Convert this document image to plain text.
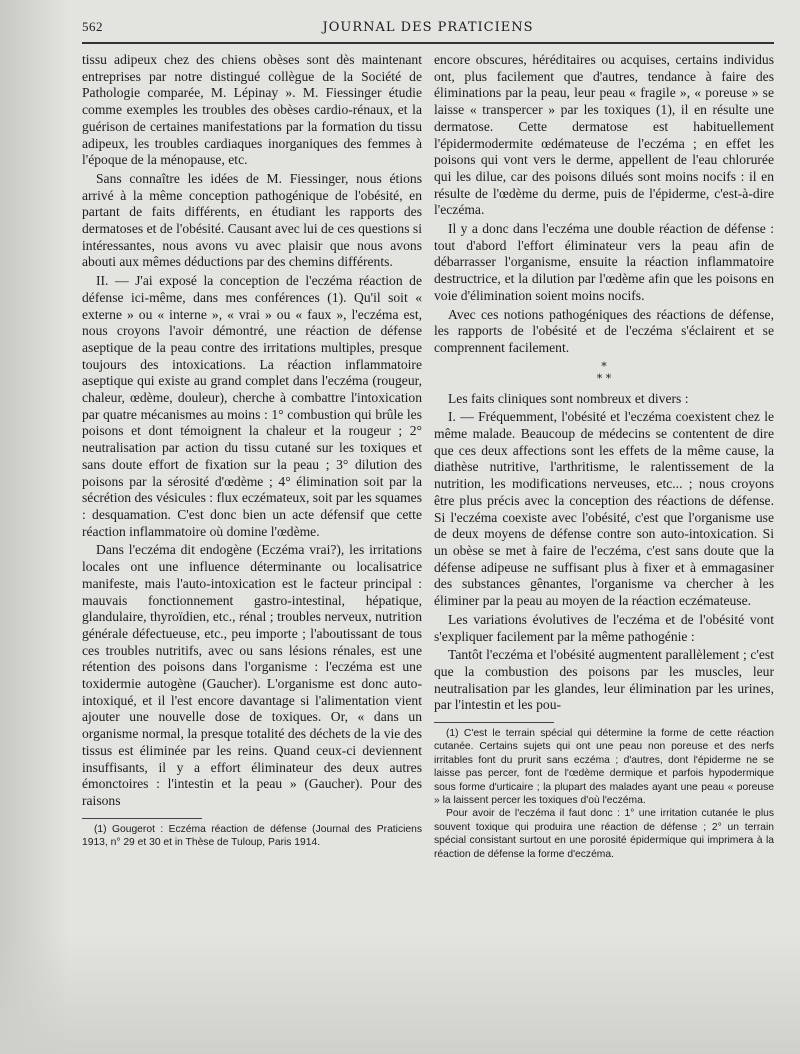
562	JOURNAL DES PRATICIENS

tissu adipeux chez des chiens obèses sont dès maintenant entreprises par notre distingué collègue de la Société de Pathologie comparée, M. Lépinay ». M. Fiessinger étudie comme exemples les troubles des obèses cardio-rénaux, et la guérison de certaines manifestations par la formation du tissu adipeux, les troubles cardiaques inorganiques des femmes à l'époque de la ménopause, etc.

Sans connaître les idées de M. Fiessinger, nous étions arrivé à la même conception pathogénique de l'obésité, en partant de faits différents, en étudiant les rapports des dermatoses et de l'obésité. Causant avec lui de ces questions si intéressantes, nous avons vu avec plaisir que nous avons abouti aux mêmes déductions par des chemins différents.

II. — J'ai exposé la conception de l'eczéma réaction de défense ici-même, dans mes conférences (1). Qu'il soit « externe » ou « interne », « vrai » ou « faux », l'eczéma est, nous croyons l'avoir démontré, une réaction de défense aseptique de la peau contre des irritations multiples, presque toujours des intoxications. La réaction inflammatoire aseptique qui existe au grand complet dans l'eczéma (rougeur, chaleur, œdème, douleur), cherche à combattre l'intoxication par quatre mécanismes au moins : 1° combustion qui brûle les poisons et dont témoignent la chaleur et la rougeur ; 2° neutralisation par action du tissu cutané sur les toxiques et sans doute effort de fixation sur la peau ; 3° dilution des poisons par la sérosité d'œdème ; 4° élimination soit par la sécrétion des vésicules : flux eczémateux, soit par les squames : desquamation. C'est donc bien un acte défensif que cette réaction inflammatoire où domine l'œdème.

Dans l'eczéma dit endogène (Eczéma vrai?), les irritations locales ont une influence déterminante ou localisatrice manifeste, mais l'auto-intoxication est le facteur principal : mauvais fonctionnement gastro-intestinal, hépatique, glandulaire, thyroïdien, etc., rénal ; troubles nerveux, nutrition générale défectueuse, etc., peu importe ; l'aboutissant de tous ces troubles nutritifs, avec ou sans lésions rénales, est une rétention des poisons dans l'organisme : l'eczéma est une toxidermie autogène (Gaucher). L'organisme est donc auto-intoxiqué, et il l'est encore davantage si l'alimentation vient ajouter une nouvelle dose de toxiques. Or, « dans un organisme normal, la presque totalité des déchets de la vie des tissus est éliminée par les reins. Quand ceux-ci deviennent insuffisants, il y a effort éliminateur des deux autres émonctoires : l'intestin et la peau » (Gaucher). Pour des raisons

(1) Gougerot : Eczéma réaction de défense (Journal des Praticiens 1913, n° 29 et 30 et in Thèse de Tuloup, Paris 1914.

encore obscures, héréditaires ou acquises, certains individus ont, plus facilement que d'autres, tendance à faire des éliminations par la peau, leur peau « fragile », « poreuse » se laisse « transpercer » par les toxiques (1), il en résulte une dermatose. Cette dermatose est habituellement l'épidermodermite œdémateuse de l'eczéma ; en effet les poisons qui vont vers le derme, appellent de l'eau chlorurée qui les dilue, car des poisons dilués sont moins nocifs : il en résulte de l'œdème du derme, puis de l'épiderme, c'est-à-dire l'eczéma.

Il y a donc dans l'eczéma une double réaction de défense : tout d'abord l'effort éliminateur vers la peau afin de débarrasser l'organisme, ensuite la réaction inflammatoire destructrice, et la dilution par l'œdème afin que les poisons en voie d'élimination soient moins nocifs.

Avec ces notions pathogéniques des réactions de défense, les rapports de l'obésité et de l'eczéma s'éclairent et se comprennent facilement.

*
* *

Les faits cliniques sont nombreux et divers :

I. — Fréquemment, l'obésité et l'eczéma coexistent chez le même malade. Beaucoup de médecins se contentent de dire que ces deux affections sont les effets de la même cause, la diathèse nutritive, l'arthritisme, le ralentissement de la nutrition, les modifications nerveuses, etc... ; nous croyons être plus précis avec la conception des réactions de défense. Si l'eczéma coexiste avec l'obésité, c'est que l'organisme use de deux moyens de défense contre son auto-intoxication. Si un obèse se met à faire de l'eczéma, c'est sans doute que la défense adipeuse ne suffisant plus à fixer et à emmagasiner des substances gênantes, l'organisme va chercher à les éliminer par la peau au moyen de la réaction eczémateuse.

Les variations évolutives de l'eczéma et de l'obésité vont s'expliquer facilement par la même pathogénie :

Tantôt l'eczéma et l'obésité augmentent parallèlement ; c'est que la combustion des poisons par les muscles, leur neutralisation par les glandes, leur élimination par les urines, par l'intestin et les pou-

(1) C'est le terrain spécial qui détermine la forme de cette réaction cutanée. Certains sujets qui ont une peau non poreuse et des nerfs irritables font du prurit sans eczéma ; d'autres, dont l'épiderme ne se laisse pas percer, font de l'œdème dermique et parfois hypodermique sous forme d'urticaire ; la plupart des malades ayant une peau « poreuse » la laissent percer les toxiques d'où l'eczéma.

Pour avoir de l'eczéma il faut donc : 1° une irritation cutanée le plus souvent toxique qui produira une réaction de défense ; 2° un terrain spécial consistant surtout en une porosité épidermique qui imprimera à la réaction de défense la forme d'eczéma.
